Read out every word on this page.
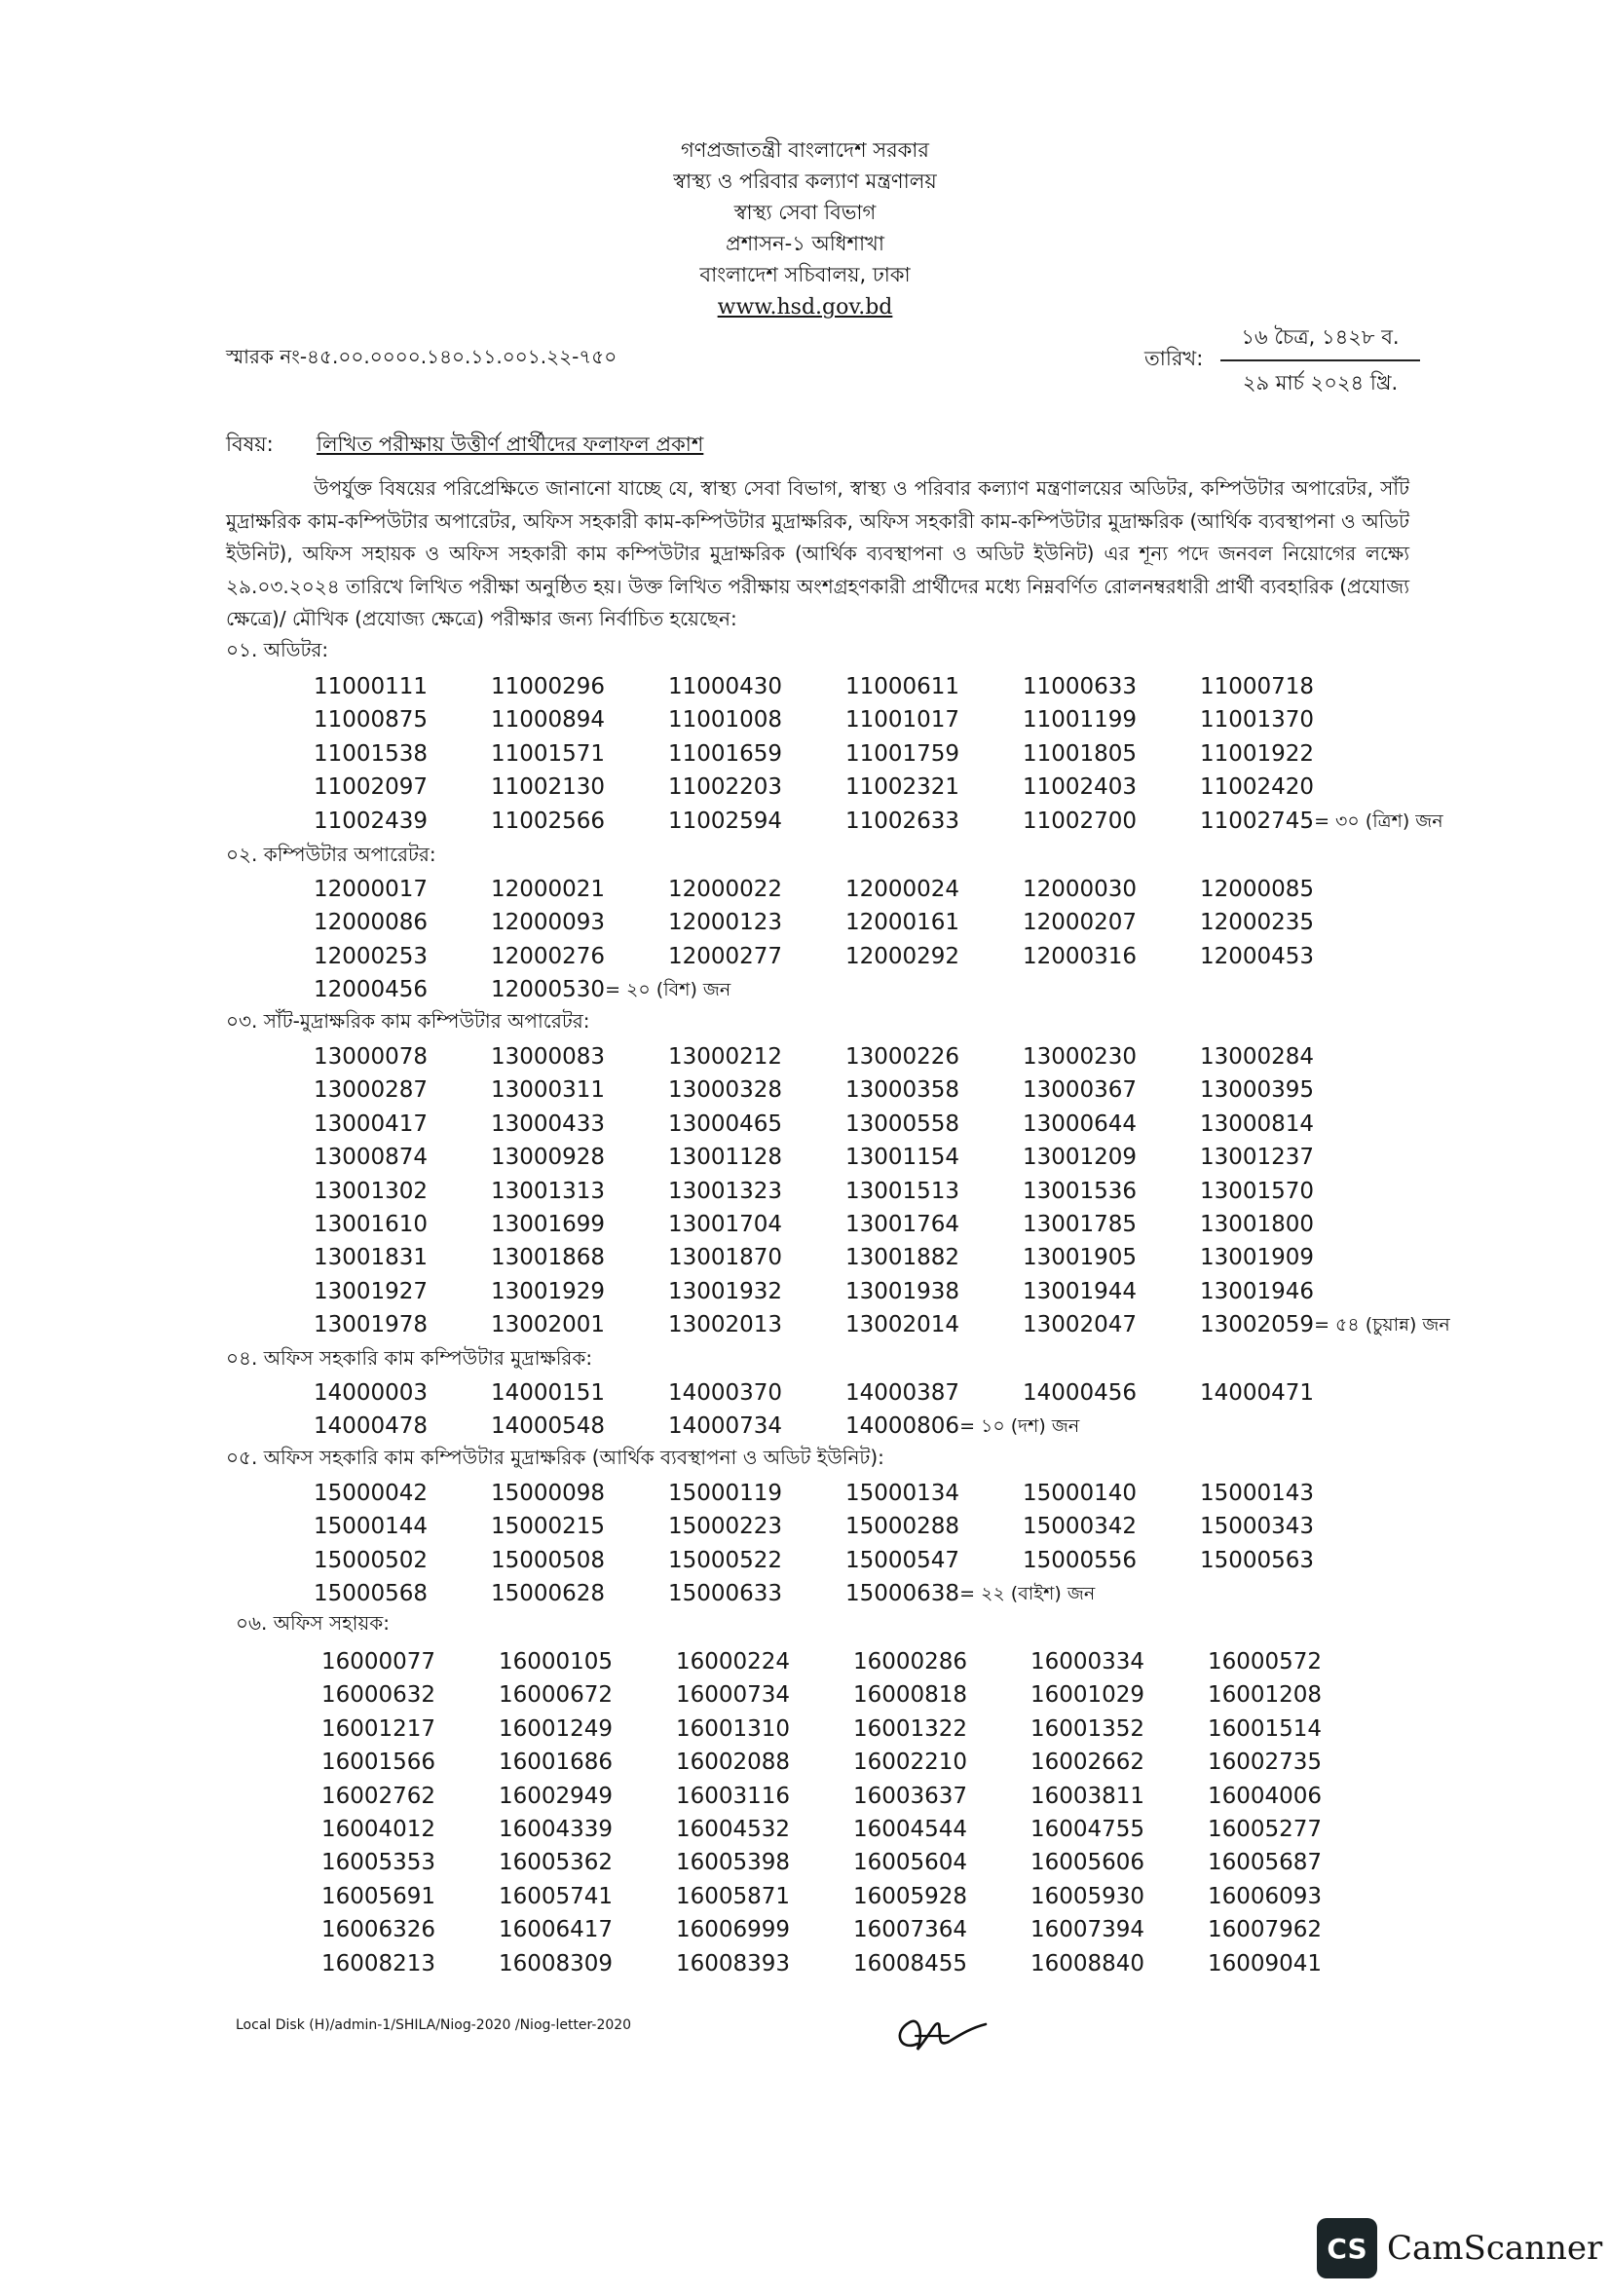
গণপ্রজাতন্ত্রী বাংলাদেশ সরকার
স্বাস্থ্য ও পরিবার কল্যাণ মন্ত্রণালয়
স্বাস্থ্য সেবা বিভাগ
প্রশাসন-১ অধিশাখা
বাংলাদেশ সচিবালয়, ঢাকা
www.hsd.gov.bd
স্মারক নং-৪৫.০০.০০০০.১৪০.১১.০০১.২২-৭৫০	তারিখ:
১৬ চৈত্র, ১৪২৮ ব.
২৯ মার্চ ২০২৪ খ্রি.
বিষয়: লিখিত পরীক্ষায় উত্তীর্ণ প্রার্থীদের ফলাফল প্রকাশ
উপর্যুক্ত বিষয়ের পরিপ্রেক্ষিতে জানানো যাচ্ছে যে, স্বাস্থ্য সেবা বিভাগ, স্বাস্থ্য ও পরিবার কল্যাণ মন্ত্রণালয়ের অডিটর, কম্পিউটার অপারেটর, সাঁট মুদ্রাক্ষরিক কাম-কম্পিউটার অপারেটর, অফিস সহকারী কাম-কম্পিউটার মুদ্রাক্ষরিক, অফিস সহকারী কাম-কম্পিউটার মুদ্রাক্ষরিক (আর্থিক ব্যবস্থাপনা ও অডিট ইউনিট), অফিস সহায়ক ও অফিস সহকারী কাম কম্পিউটার মুদ্রাক্ষরিক (আর্থিক ব্যবস্থাপনা ও অডিট ইউনিট) এর শূন্য পদে জনবল নিয়োগের লক্ষ্যে ২৯.০৩.২০২৪ তারিখে লিখিত পরীক্ষা অনুষ্ঠিত হয়। উক্ত লিখিত পরীক্ষায় অংশগ্রহণকারী প্রার্থীদের মধ্যে নিম্নবর্ণিত রোলনম্বরধারী প্রার্থী ব্যবহারিক (প্রযোজ্য ক্ষেত্রে)/ মৌখিক (প্রযোজ্য ক্ষেত্রে) পরীক্ষার জন্য নির্বাচিত হয়েছেন:
০১. অডিটর:
11000111	11000296	11000430	11000611	11000633	11000718
11000875	11000894	11001008	11001017	11001199	11001370
11001538	11001571	11001659	11001759	11001805	11001922
11002097	11002130	11002203	11002321	11002403	11002420
11002439	11002566	11002594	11002633	11002700	11002745 = ৩০ (ত্রিশ) জন
০২. কম্পিউটার অপারেটর:
12000017	12000021	12000022	12000024	12000030	12000085
12000086	12000093	12000123	12000161	12000207	12000235
12000253	12000276	12000277	12000292	12000316	12000453
12000456	12000530 = ২০ (বিশ) জন
০৩. সাঁট-মুদ্রাক্ষরিক কাম কম্পিউটার অপারেটর:
13000078	13000083	13000212	13000226	13000230	13000284
13000287	13000311	13000328	13000358	13000367	13000395
13000417	13000433	13000465	13000558	13000644	13000814
13000874	13000928	13001128	13001154	13001209	13001237
13001302	13001313	13001323	13001513	13001536	13001570
13001610	13001699	13001704	13001764	13001785	13001800
13001831	13001868	13001870	13001882	13001905	13001909
13001927	13001929	13001932	13001938	13001944	13001946
13001978	13002001	13002013	13002014	13002047	13002059 = ৫৪ (চুয়ান্ন) জন
০৪. অফিস সহকারি কাম কম্পিউটার মুদ্রাক্ষরিক:
14000003	14000151	14000370	14000387	14000456	14000471
14000478	14000548	14000734	14000806 = ১০ (দশ) জন
০৫. অফিস সহকারি কাম কম্পিউটার মুদ্রাক্ষরিক (আর্থিক ব্যবস্থাপনা ও অডিট ইউনিট):
15000042	15000098	15000119	15000134	15000140	15000143
15000144	15000215	15000223	15000288	15000342	15000343
15000502	15000508	15000522	15000547	15000556	15000563
15000568	15000628	15000633	15000638 = ২২ (বাইশ) জন
০৬. অফিস সহায়ক:
16000077	16000105	16000224	16000286	16000334	16000572
16000632	16000672	16000734	16000818	16001029	16001208
16001217	16001249	16001310	16001322	16001352	16001514
16001566	16001686	16002088	16002210	16002662	16002735
16002762	16002949	16003116	16003637	16003811	16004006
16004012	16004339	16004532	16004544	16004755	16005277
16005353	16005362	16005398	16005604	16005606	16005687
16005691	16005741	16005871	16005928	16005930	16006093
16006326	16006417	16006999	16007364	16007394	16007962
16008213	16008309	16008393	16008455	16008840	16009041
Local Disk (H)/admin-1/SHILA/Niog-2020 /Niog-letter-2020
CS CamScanner
